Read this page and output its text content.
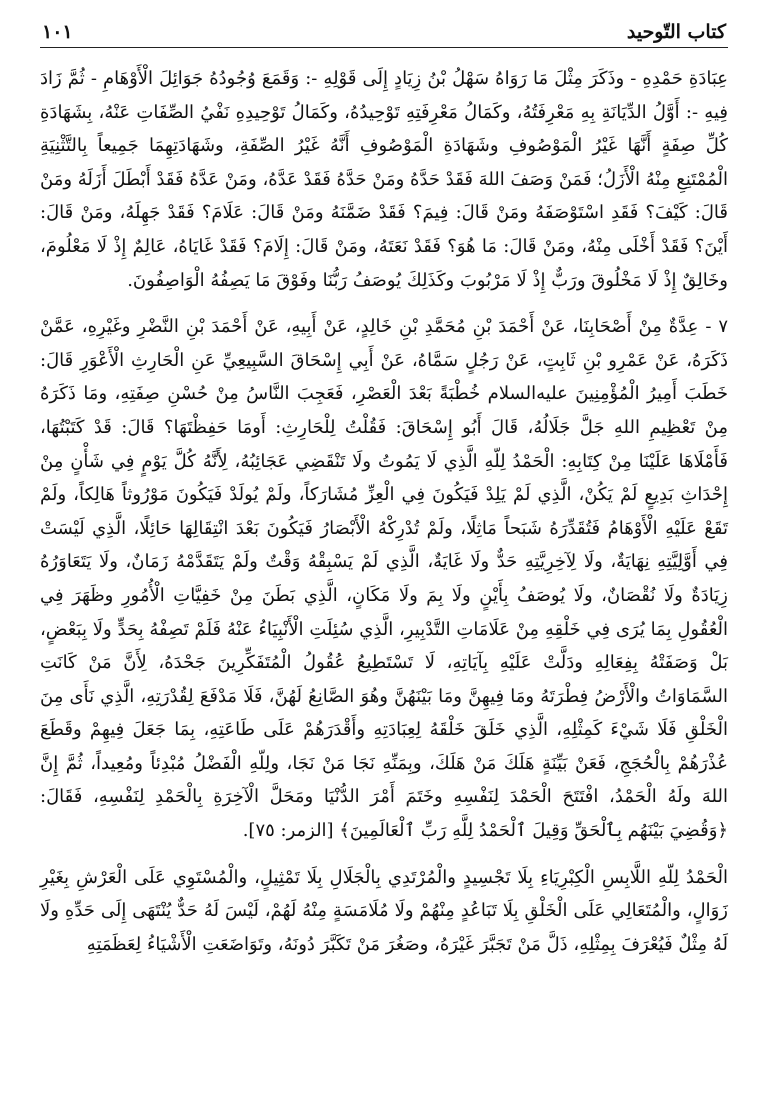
كتاب التّوحيد
١٠١

عِبَادَةِ حَمْدِهِ - وذَكَرَ مِثْلَ مَا رَوَاهُ سَهْلُ بْنُ زِيَادٍ إِلَى قَوْلِهِ -: وَقَمَعَ وُجُودُهُ جَوَائِلَ الْأَوْهَامِ - ثُمَّ زَادَ فِيهِ -: أَوَّلُ الدِّيَانَةِ بِهِ مَعْرِفَتُهُ، وكَمَالُ مَعْرِفَتِهِ تَوْحِيدُهُ، وكَمَالُ تَوْحِيدِهِ نَفْيُ الصِّفَاتِ عَنْهُ، بِشَهَادَةِ كُلِّ صِفَةٍ أَنَّهَا غَيْرُ الْمَوْصُوفِ وشَهَادَةِ الْمَوْصُوفِ أَنَّهُ غَيْرُ الصِّفَةِ، وشَهَادَتِهِمَا جَمِيعاً بِالتَّثْنِيَةِ الْمُمْتَنِعِ مِنْهُ الْأَزَلُ؛ فَمَنْ وَصَفَ اللهَ فَقَدْ حَدَّهُ ومَنْ حَدَّهُ فَقَدْ عَدَّهُ، ومَنْ عَدَّهُ فَقَدْ أَبْطَلَ أَزَلَهُ ومَنْ قَالَ: كَيْفَ؟ فَقَدِ اسْتَوْصَفَهُ ومَنْ قَالَ: فِيمَ؟ فَقَدْ ضَمَّنَهُ ومَنْ قَالَ: عَلَامَ؟ فَقَدْ جَهِلَهُ، ومَنْ قَالَ: أَيْنَ؟ فَقَدْ أَخْلَى مِنْهُ، ومَنْ قَالَ: مَا هُوَ؟ فَقَدْ نَعَتَهُ، ومَنْ قَالَ: إِلَامَ؟ فَقَدْ غَايَاهُ، عَالِمٌ إِذْ لَا مَعْلُومَ، وخَالِقٌ إِذْ لَا مَخْلُوقَ ورَبٌّ إِذْ لَا مَرْبُوبَ وكَذَلِكَ يُوصَفُ رَبُّنَا وفَوْقَ مَا يَصِفُهُ الْوَاصِفُونَ.

٧ - عِدَّةٌ مِنْ أَصْحَابِنَا، عَنْ أَحْمَدَ بْنِ مُحَمَّدِ بْنِ خَالِدٍ، عَنْ أَبِيهِ، عَنْ أَحْمَدَ بْنِ النَّضْرِ وغَيْرِهِ، عَمَّنْ ذَكَرَهُ، عَنْ عَمْرِو بْنِ ثَابِتٍ، عَنْ رَجُلٍ سَمَّاهُ، عَنْ أَبِي إِسْحَاقَ السَّبِيعِيِّ عَنِ الْحَارِثِ الْأَعْوَرِ قَالَ: خَطَبَ أَمِيرُ الْمُؤْمِنِينَ عليه‌السلام خُطْبَةً بَعْدَ الْعَصْرِ، فَعَجِبَ النَّاسُ مِنْ حُسْنِ صِفَتِهِ، ومَا ذَكَرَهُ مِنْ تَعْظِيمِ اللهِ جَلَّ جَلَالُهُ، قَالَ أَبُو إِسْحَاقَ: فَقُلْتُ لِلْحَارِثِ: أَومَا حَفِظْتَهَا؟ قَالَ: قَدْ كَتَبْتُهَا، فَأَمْلَاهَا عَلَيْنَا مِنْ كِتَابِهِ: الْحَمْدُ لِلّهِ الَّذِي لَا يَمُوتُ ولَا تَنْقَضِي عَجَائِبُهُ، لِأَنَّهُ كُلَّ يَوْمٍ فِي شَأْنٍ مِنْ إِحْدَاثِ بَدِيعٍ لَمْ يَكُنْ، الَّذِي لَمْ يَلِدْ فَيَكُونَ فِي الْعِزِّ مُشَارَكاً، ولَمْ يُولَدْ فَيَكُونَ مَوْرُوثاً هَالِكاً، ولَمْ تَقَعْ عَلَيْهِ الْأَوْهَامُ فَتُقَدِّرَهُ شَبَحاً مَاثِلًا، ولَمْ تُدْرِكْهُ الْأَبْصَارُ فَيَكُونَ بَعْدَ انْتِقَالِهَا حَائِلًا، الَّذِي لَيْسَتْ فِي أَوَّلِيَّتِهِ نِهَايَةٌ، ولَا لِآخِرِيَّتِهِ حَدٌّ ولَا غَايَةٌ، الَّذِي لَمْ يَسْبِقْهُ وَقْتٌ ولَمْ يَتَقَدَّمْهُ زَمَانٌ، ولَا يَتَعَاوَرُهُ زِيَادَةٌ ولَا نُقْصَانٌ، ولَا يُوصَفُ بِأَيْنٍ ولَا بِمَ ولَا مَكَانٍ، الَّذِي بَطَنَ مِنْ خَفِيَّاتِ الْأُمُورِ وظَهَرَ فِي الْعُقُولِ بِمَا يُرَى فِي خَلْقِهِ مِنْ عَلَامَاتِ التَّدْبِيرِ، الَّذِي سُئِلَتِ الْأَنْبِيَاءُ عَنْهُ فَلَمْ تَصِفْهُ بِحَدٍّ ولَا بِبَعْضٍ، بَلْ وَصَفَتْهُ بِفِعَالِهِ ودَلَّتْ عَلَيْهِ بِآيَاتِهِ، لَا تَسْتَطِيعُ عُقُولُ الْمُتَفَكِّرِينَ جَحْدَهُ، لِأَنَّ مَنْ كَانَتِ السَّمَاوَاتُ والْأَرْضُ فِطْرَتَهُ ومَا فِيهِنَّ ومَا بَيْنَهُنَّ وهُوَ الصَّانِعُ لَهُنَّ، فَلَا مَدْفَعَ لِقُدْرَتِهِ، الَّذِي نَأَى مِنَ الْخَلْقِ فَلَا شَيْءَ كَمِثْلِهِ، الَّذِي خَلَقَ خَلْقَهُ لِعِبَادَتِهِ وأَقْدَرَهُمْ عَلَى طَاعَتِهِ، بِمَا جَعَلَ فِيهِمْ وقَطَعَ عُذْرَهُمْ بِالْحُجَجِ، فَعَنْ بَيِّنَةٍ هَلَكَ مَنْ هَلَكَ، وبِمَنِّهِ نَجَا مَنْ نَجَا، ولِلّهِ الْفَضْلُ مُبْدِئاً ومُعِيداً، ثُمَّ إِنَّ اللهَ ولَهُ الْحَمْدُ، افْتَتَحَ الْحَمْدَ لِنَفْسِهِ وخَتَمَ أَمْرَ الدُّنْيَا ومَحَلَّ الْآخِرَةِ بِالْحَمْدِ لِنَفْسِهِ، فَقَالَ: ﴿وَقُضِيَ بَيْنَهُم بِٱلْحَقِّ وَقِيلَ ٱلْحَمْدُ لِلَّهِ رَبِّ ٱلْعَالَمِينَ﴾ [الزمر: ٧٥].

الْحَمْدُ لِلّهِ اللَّابِسِ الْكِبْرِيَاءِ بِلَا تَجْسِيدٍ والْمُرْتَدِي بِالْجَلَالِ بِلَا تَمْثِيلٍ، والْمُسْتَوِي عَلَى الْعَرْشِ بِغَيْرِ زَوَالٍ، والْمُتَعَالِي عَلَى الْخَلْقِ بِلَا تَبَاعُدٍ مِنْهُمْ ولَا مُلَامَسَةٍ مِنْهُ لَهُمْ، لَيْسَ لَهُ حَدٌّ يُنْتَهَى إِلَى حَدِّهِ ولَا لَهُ مِثْلٌ فَيُعْرَفَ بِمِثْلِهِ، ذَلَّ مَنْ تَجَبَّرَ غَيْرَهُ، وصَغُرَ مَنْ تَكَبَّرَ دُونَهُ، وتَوَاضَعَتِ الْأَشْيَاءُ لِعَظَمَتِهِ
